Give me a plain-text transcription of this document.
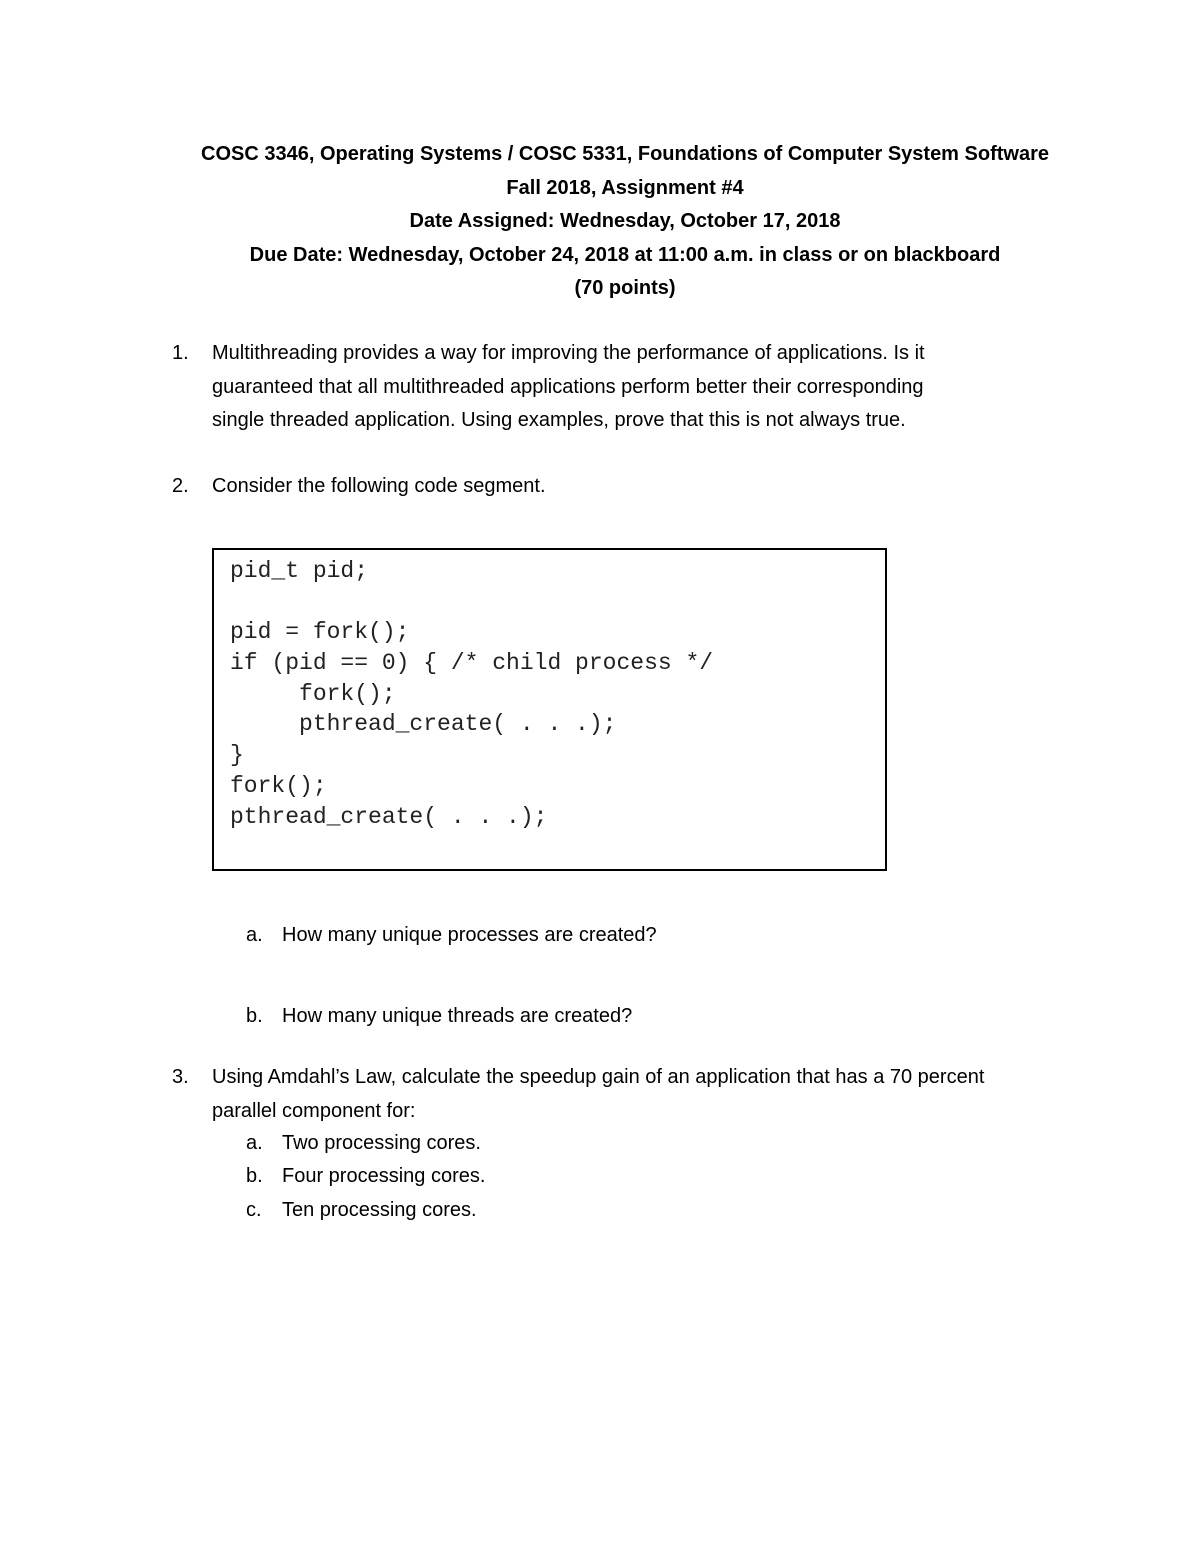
COSC 3346, Operating Systems / COSC 5331, Foundations of Computer System Software
Fall 2018, Assignment #4
Date Assigned: Wednesday, October 17, 2018
Due Date: Wednesday, October 24, 2018 at 11:00 a.m. in class or on blackboard
(70 points)
1.	Multithreading provides a way for improving the performance of applications. Is it
guaranteed that all multithreaded applications perform better their corresponding
single threaded application. Using examples, prove that this is not always true.
2.	Consider the following code segment.
pid_t pid;
pid = fork();
if (pid == 0) { /* child process */
fork();
pthread_create( . . .);
}
fork();
pthread_create( . . .);
a. How many unique processes are created?
b. How many unique threads are created?
3.	Using Amdahl’s Law, calculate the speedup gain of an application that has a 70 percent
parallel component for:
a. Two processing cores.
b. Four processing cores.
c. Ten processing cores.
